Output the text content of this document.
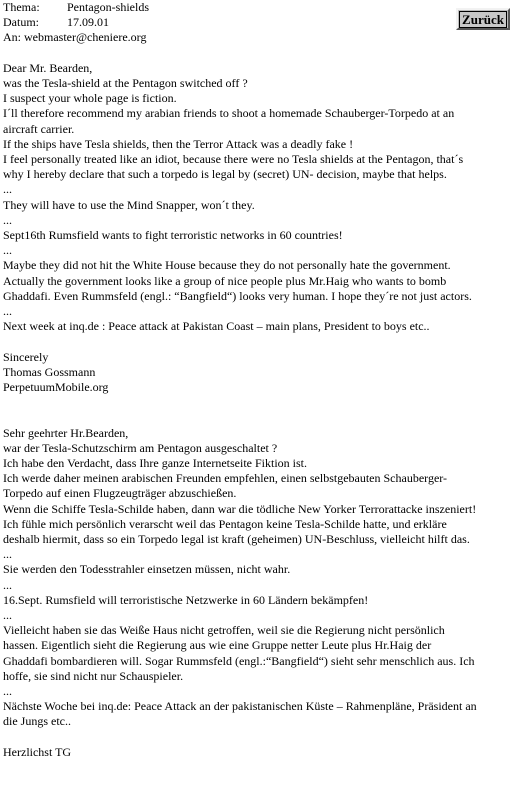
Thema:	Pentagon-shields
Datum:	17.09.01
An: webmaster@cheniere.org
Dear Mr. Bearden,
was the Tesla-shield at the Pentagon switched off ?
I suspect your whole page is fiction.
I´ll therefore recommend my arabian friends to shoot a homemade Schauberger-Torpedo at an
aircraft carrier.
If the ships have Tesla shields, then the Terror Attack was a deadly fake !
I feel personally treated like an idiot, because there were no Tesla shields at the Pentagon, that´s
why I hereby declare that such a torpedo is legal by (secret) UN- decision, maybe that helps.
...
They will have to use the Mind Snapper, won´t they.
...
Sept16th Rumsfield wants to fight terroristic networks in 60 countries!
...
Maybe they did not hit the White House because they do not personally hate the government.
Actually the government looks like a group of nice people plus Mr.Haig who wants to bomb
Ghaddafi. Even Rummsfeld (engl.: “Bangfield“) looks very human. I hope they´re not just actors.
...
Next week at inq.de : Peace attack at Pakistan Coast – main plans, President to boys etc..
Sincerely
Thomas Gossmann
PerpetuumMobile.org
Sehr geehrter Hr.Bearden,
war der Tesla-Schutzschirm am Pentagon ausgeschaltet ?
Ich habe den Verdacht, dass Ihre ganze Internetseite Fiktion ist.
Ich werde daher meinen arabischen Freunden empfehlen, einen selbstgebauten Schauberger-
Torpedo auf einen Flugzeugträger abzuschießen.
Wenn die Schiffe Tesla-Schilde haben, dann war die tödliche New Yorker Terrorattacke inszeniert!
Ich fühle mich persönlich verarscht weil das Pentagon keine Tesla-Schilde hatte, und erkläre
deshalb hiermit, dass so ein Torpedo legal ist kraft (geheimen) UN-Beschluss, vielleicht hilft das.
...
Sie werden den Todesstrahler einsetzen müssen, nicht wahr.
...
16.Sept. Rumsfield will terroristische Netzwerke in 60 Ländern bekämpfen!
...
Vielleicht haben sie das Weiße Haus nicht getroffen, weil sie die Regierung nicht persönlich
hassen. Eigentlich sieht die Regierung aus wie eine Gruppe netter Leute plus Hr.Haig der
Ghaddafi bombardieren will. Sogar Rummsfeld (engl.:“Bangfield“) sieht sehr menschlich aus. Ich
hoffe, sie sind nicht nur Schauspieler.
...
Nächste Woche bei inq.de: Peace Attack an der pakistanischen Küste – Rahmenpläne, Präsident an
die Jungs etc..
Herzlichst TG
Zurück
